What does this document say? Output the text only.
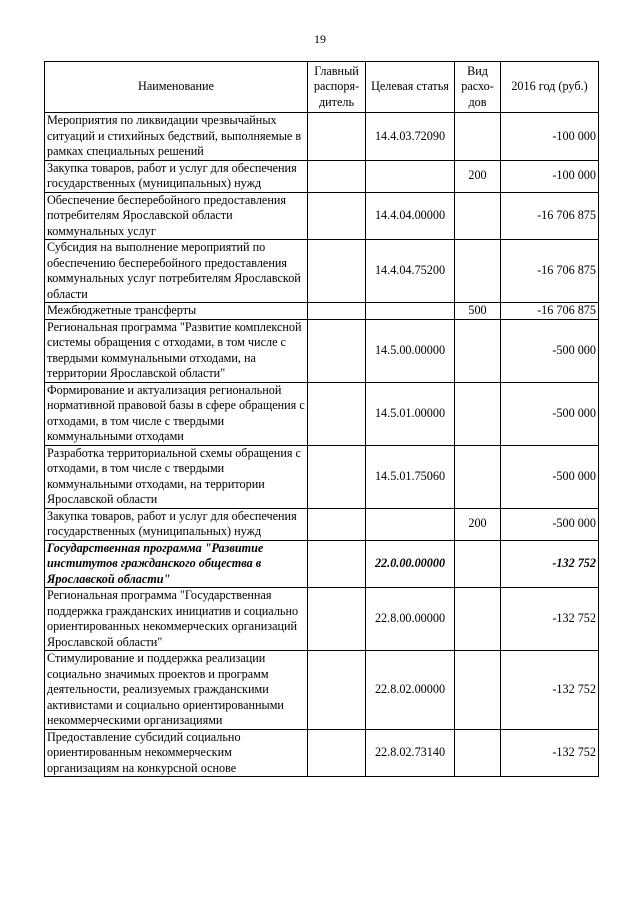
19
Наименование	Главный распоря-дитель	Целевая статья	Вид расхо-дов	2016 год (руб.)
Мероприятия по ликвидации чрезвычайных ситуаций и стихийных бедствий, выполняемые в рамках специальных решений		14.4.03.72090		-100 000
Закупка товаров, работ и услуг для обеспечения государственных (муниципальных) нужд			200	-100 000
Обеспечение бесперебойного предоставления потребителям Ярославской области коммунальных услуг		14.4.04.00000		-16 706 875
Субсидия на выполнение мероприятий по обеспечению бесперебойного предоставления коммунальных услуг потребителям Ярославской области		14.4.04.75200		-16 706 875
Межбюджетные трансферты			500	-16 706 875
Региональная программа "Развитие комплексной системы обращения с отходами, в том числе с твердыми коммунальными отходами, на территории Ярославской области"		14.5.00.00000		-500 000
Формирование и актуализация региональной нормативной правовой базы в сфере обращения с отходами, в том числе с твердыми коммунальными отходами		14.5.01.00000		-500 000
Разработка территориальной схемы обращения с отходами, в том числе с твердыми коммунальными отходами, на территории Ярославской области		14.5.01.75060		-500 000
Закупка товаров, работ и услуг для обеспечения государственных (муниципальных) нужд			200	-500 000
Государственная программа "Развитие институтов гражданского общества в Ярославской области"		22.0.00.00000		-132 752
Региональная программа "Государственная поддержка гражданских инициатив и социально ориентированных некоммерческих организаций Ярославской области"		22.8.00.00000		-132 752
Стимулирование и поддержка реализации социально значимых проектов и программ деятельности, реализуемых гражданскими активистами и социально ориентированными некоммерческими организациями		22.8.02.00000		-132 752
Предоставление субсидий социально ориентированным некоммерческим организациям на конкурсной основе		22.8.02.73140		-132 752
